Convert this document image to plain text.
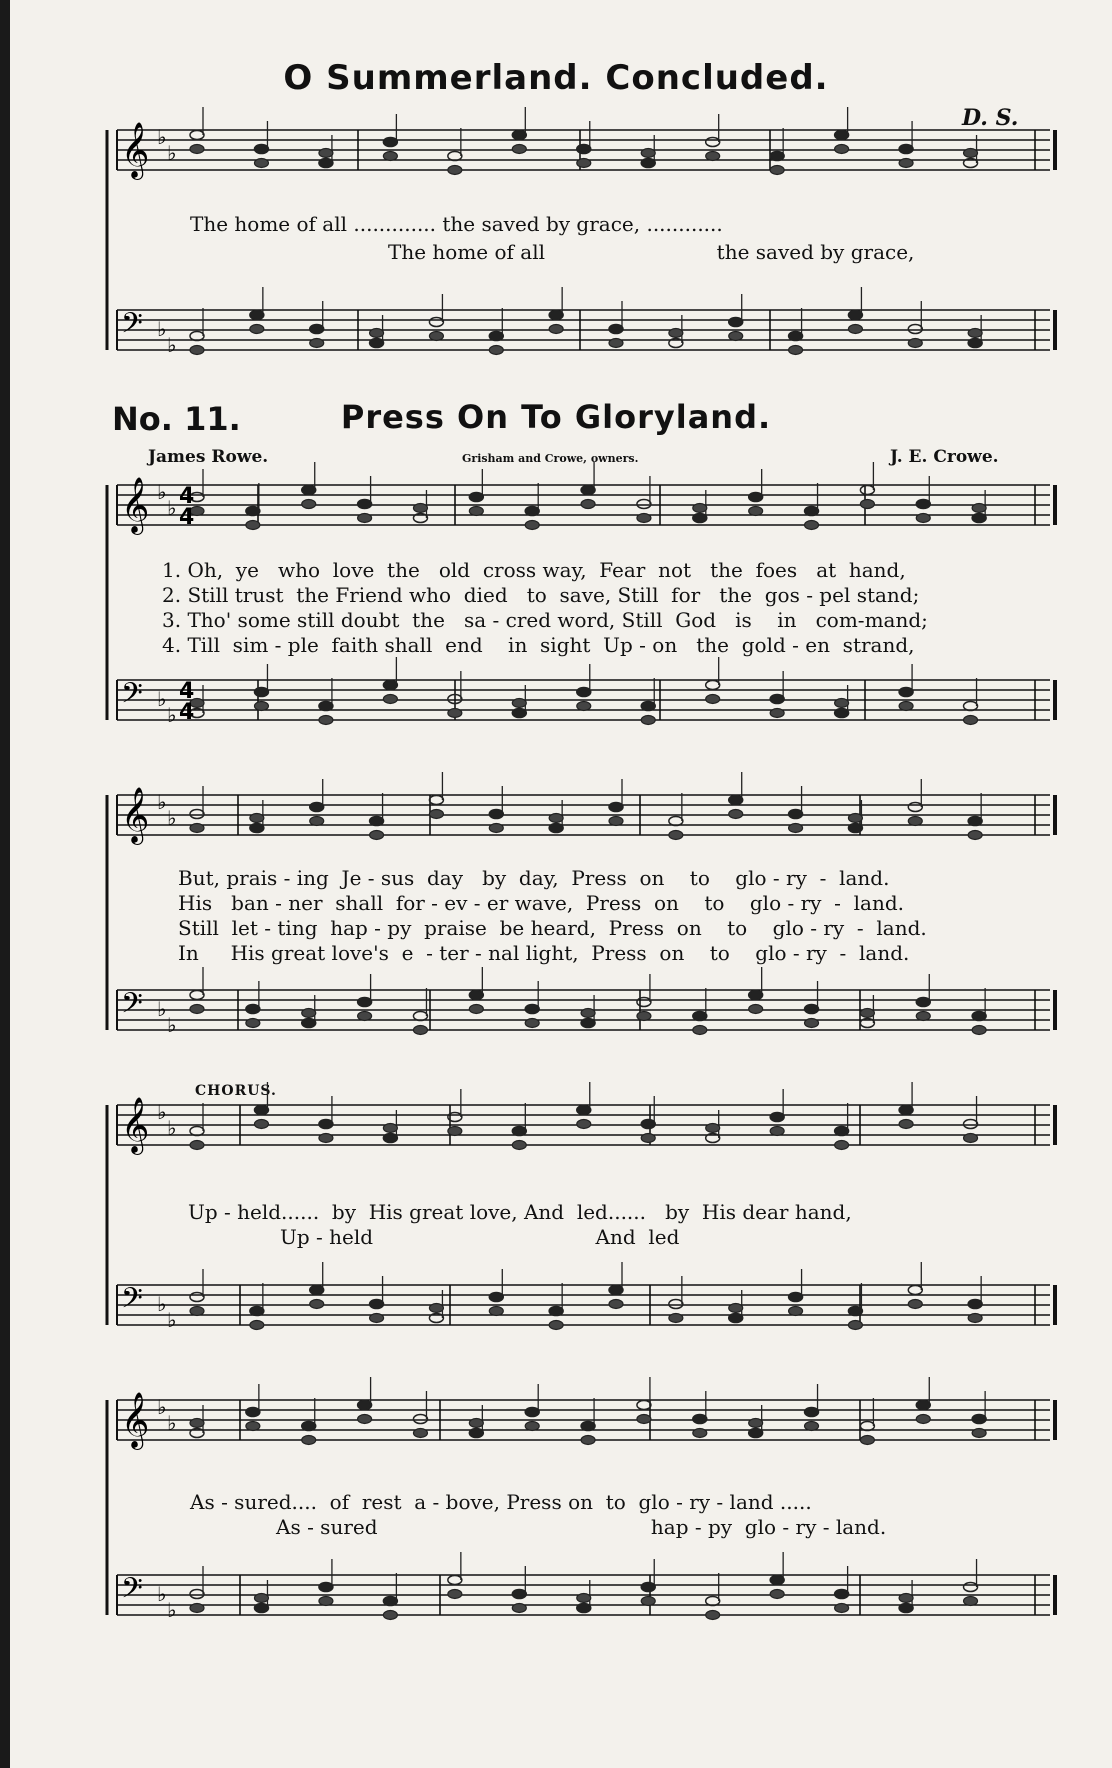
O Summerland. Concluded.
D. S.
The home of all ............. the saved by grace, ............
The home of all                           the saved by grace,
No. 11.	Press On To Gloryland.
James Rowe.	Grisham and Crowe, owners.	J. E. Crowe.
1. Oh,  ye   who  love  the   old  cross way,  Fear  not   the  foes   at  hand,
2. Still trust  the Friend who  died   to  save, Still  for   the  gos - pel stand;
3. Tho' some still doubt  the   sa - cred word, Still  God   is    in   com-mand;
4. Till  sim - ple  faith shall  end    in  sight  Up - on   the  gold - en  strand,
But, prais - ing  Je - sus  day   by  day,  Press  on    to    glo - ry  -  land.
His   ban - ner  shall  for - ev - er wave,  Press  on    to    glo - ry  -  land.
Still  let - ting  hap - py  praise  be heard,  Press  on    to    glo - ry  -  land.
In     His great love's  e  - ter - nal light,  Press  on    to    glo - ry  -  land.
CHORUS.
Up - held......  by  His great love, And  led......   by  His dear hand,
Up - held                                   And  led
As - sured....  of  rest  a - bove, Press on  to  glo - ry - land .....
As - sured                                           hap - py  glo - ry - land.
𝄞 ♭
♭
𝄢 ♭
♭
𝄞 ♭
♭
𝄢 ♭
♭
𝄞 ♭
♭
𝄢 ♭
♭
𝄞 ♭
♭
𝄢 ♭
♭
𝄞 ♭
♭
𝄢 ♭
♭
4
4
4
4
